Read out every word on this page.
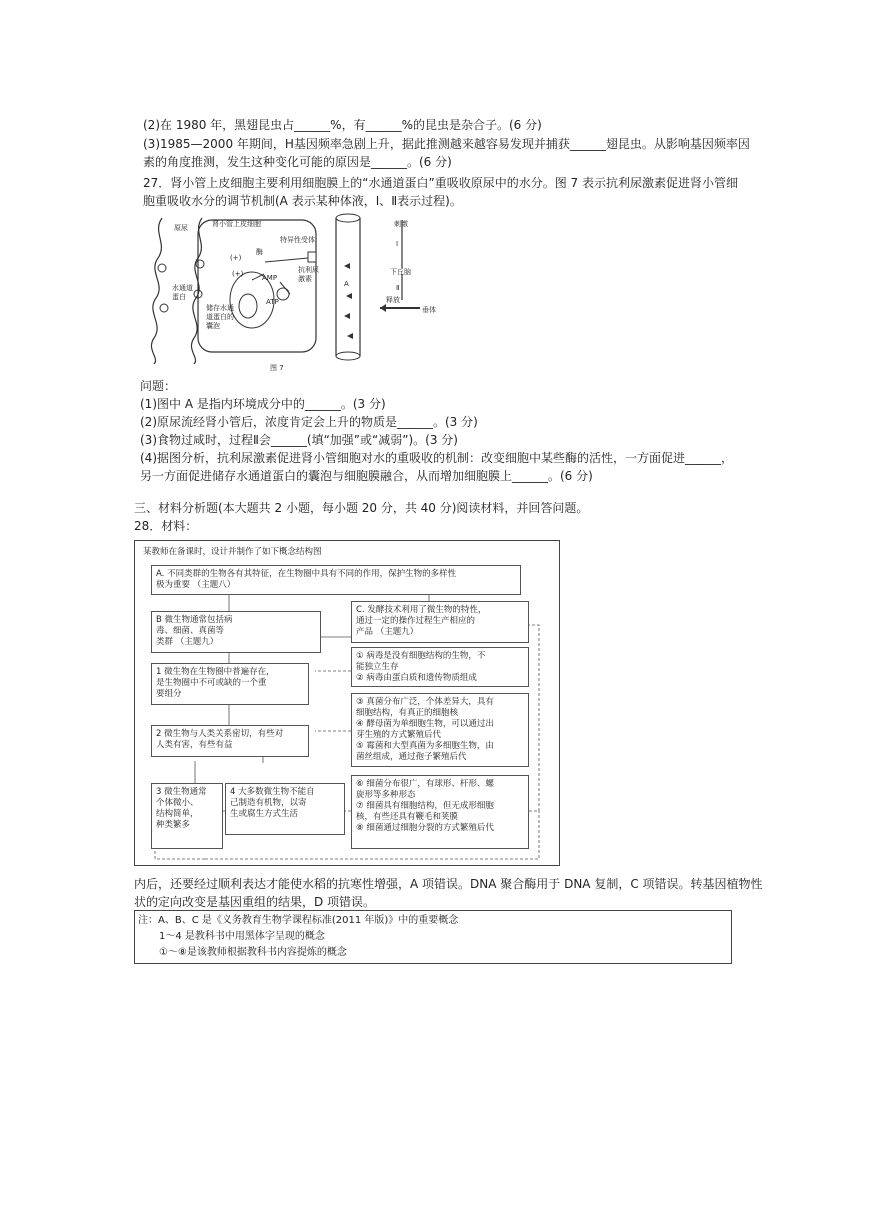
(2)在 1980 年，黑翅昆虫占______%，有______%的昆虫是杂合子。(6 分)
(3)1985—2000 年期间，H基因频率急剧上升，据此推测越来越容易发现并捕获______翅昆虫。从影响基因频率因
素的角度推测，发生这种变化可能的原因是______。(6 分)
27．肾小管上皮细胞主要利用细胞膜上的“水通道蛋白”重吸收原尿中的水分。图 7 表示抗利尿激素促进肾小管细
胞重吸收水分的调节机制(A 表示某种体液，Ⅰ、Ⅱ表示过程)。
原尿	肾小管上皮细胞
特异性受体
酶
AMP
ATP
(+)
(+)	抗利尿
激素
水通道
蛋白
储存水通
道蛋白的
囊泡
A
刺激
Ⅰ
下丘脑
Ⅱ
释放
垂体
图 7
问题：
(1)图中 A 是指内环境成分中的______。(3 分)
(2)原尿流经肾小管后，浓度肯定会上升的物质是______。(3 分)
(3)食物过咸时，过程Ⅱ会______(填“加强”或“减弱”)。(3 分)
(4)据图分析，抗利尿激素促进肾小管细胞对水的重吸收的机制：改变细胞中某些酶的活性，一方面促进______，
另一方面促进储存水通道蛋白的囊泡与细胞膜融合，从而增加细胞膜上______。(6 分)
三、材料分析题(本大题共 2 小题，每小题 20 分，共 40 分)阅读材料，并回答问题。
28．材料：
某教师在备课时，设计并制作了如下概念结构图
A. 不同类群的生物各有其特征，在生物圈中具有不同的作用，保护生物的多样性
极为重要 （主题八）
B 微生物通常包括病
毒、细菌、真菌等
类群 （主题九）
C. 发酵技术利用了微生物的特性，
通过一定的操作过程生产相应的
产品 （主题九）
1 微生物在生物圈中普遍存在，
是生物圈中不可或缺的一个重
要组分
① 病毒是没有细胞结构的生物，不
能独立生存
② 病毒由蛋白质和遗传物质组成
2 微生物与人类关系密切，有些对
人类有害，有些有益
③ 真菌分布广泛，个体差异大，具有
细胞结构，有真正的细胞核
④ 酵母菌为单细胞生物，可以通过出
芽生殖的方式繁殖后代
⑤ 霉菌和大型真菌为多细胞生物，由
菌丝组成，通过孢子繁殖后代
3 微生物通常
个体微小、
结构简单，
种类繁多
4 大多数微生物不能自
己制造有机物，以寄
生或腐生方式生活
⑥ 细菌分布很广，有球形、杆形、螺
旋形等多种形态
⑦ 细菌具有细胞结构，但无成形细胞
核，有些还具有鞭毛和荚膜
⑧ 细菌通过细胞分裂的方式繁殖后代
内后，还要经过顺利表达才能使水稻的抗寒性增强，A 项错误。DNA 聚合酶用于 DNA 复制，C 项错误。转基因植物性
状的定向改变是基因重组的结果，D 项错误。
注：A、B、C 是《义务教育生物学课程标准(2011 年版)》中的重要概念
1～4 是教科书中用黑体字呈现的概念
①～⑧是该教师根据教科书内容提炼的概念
